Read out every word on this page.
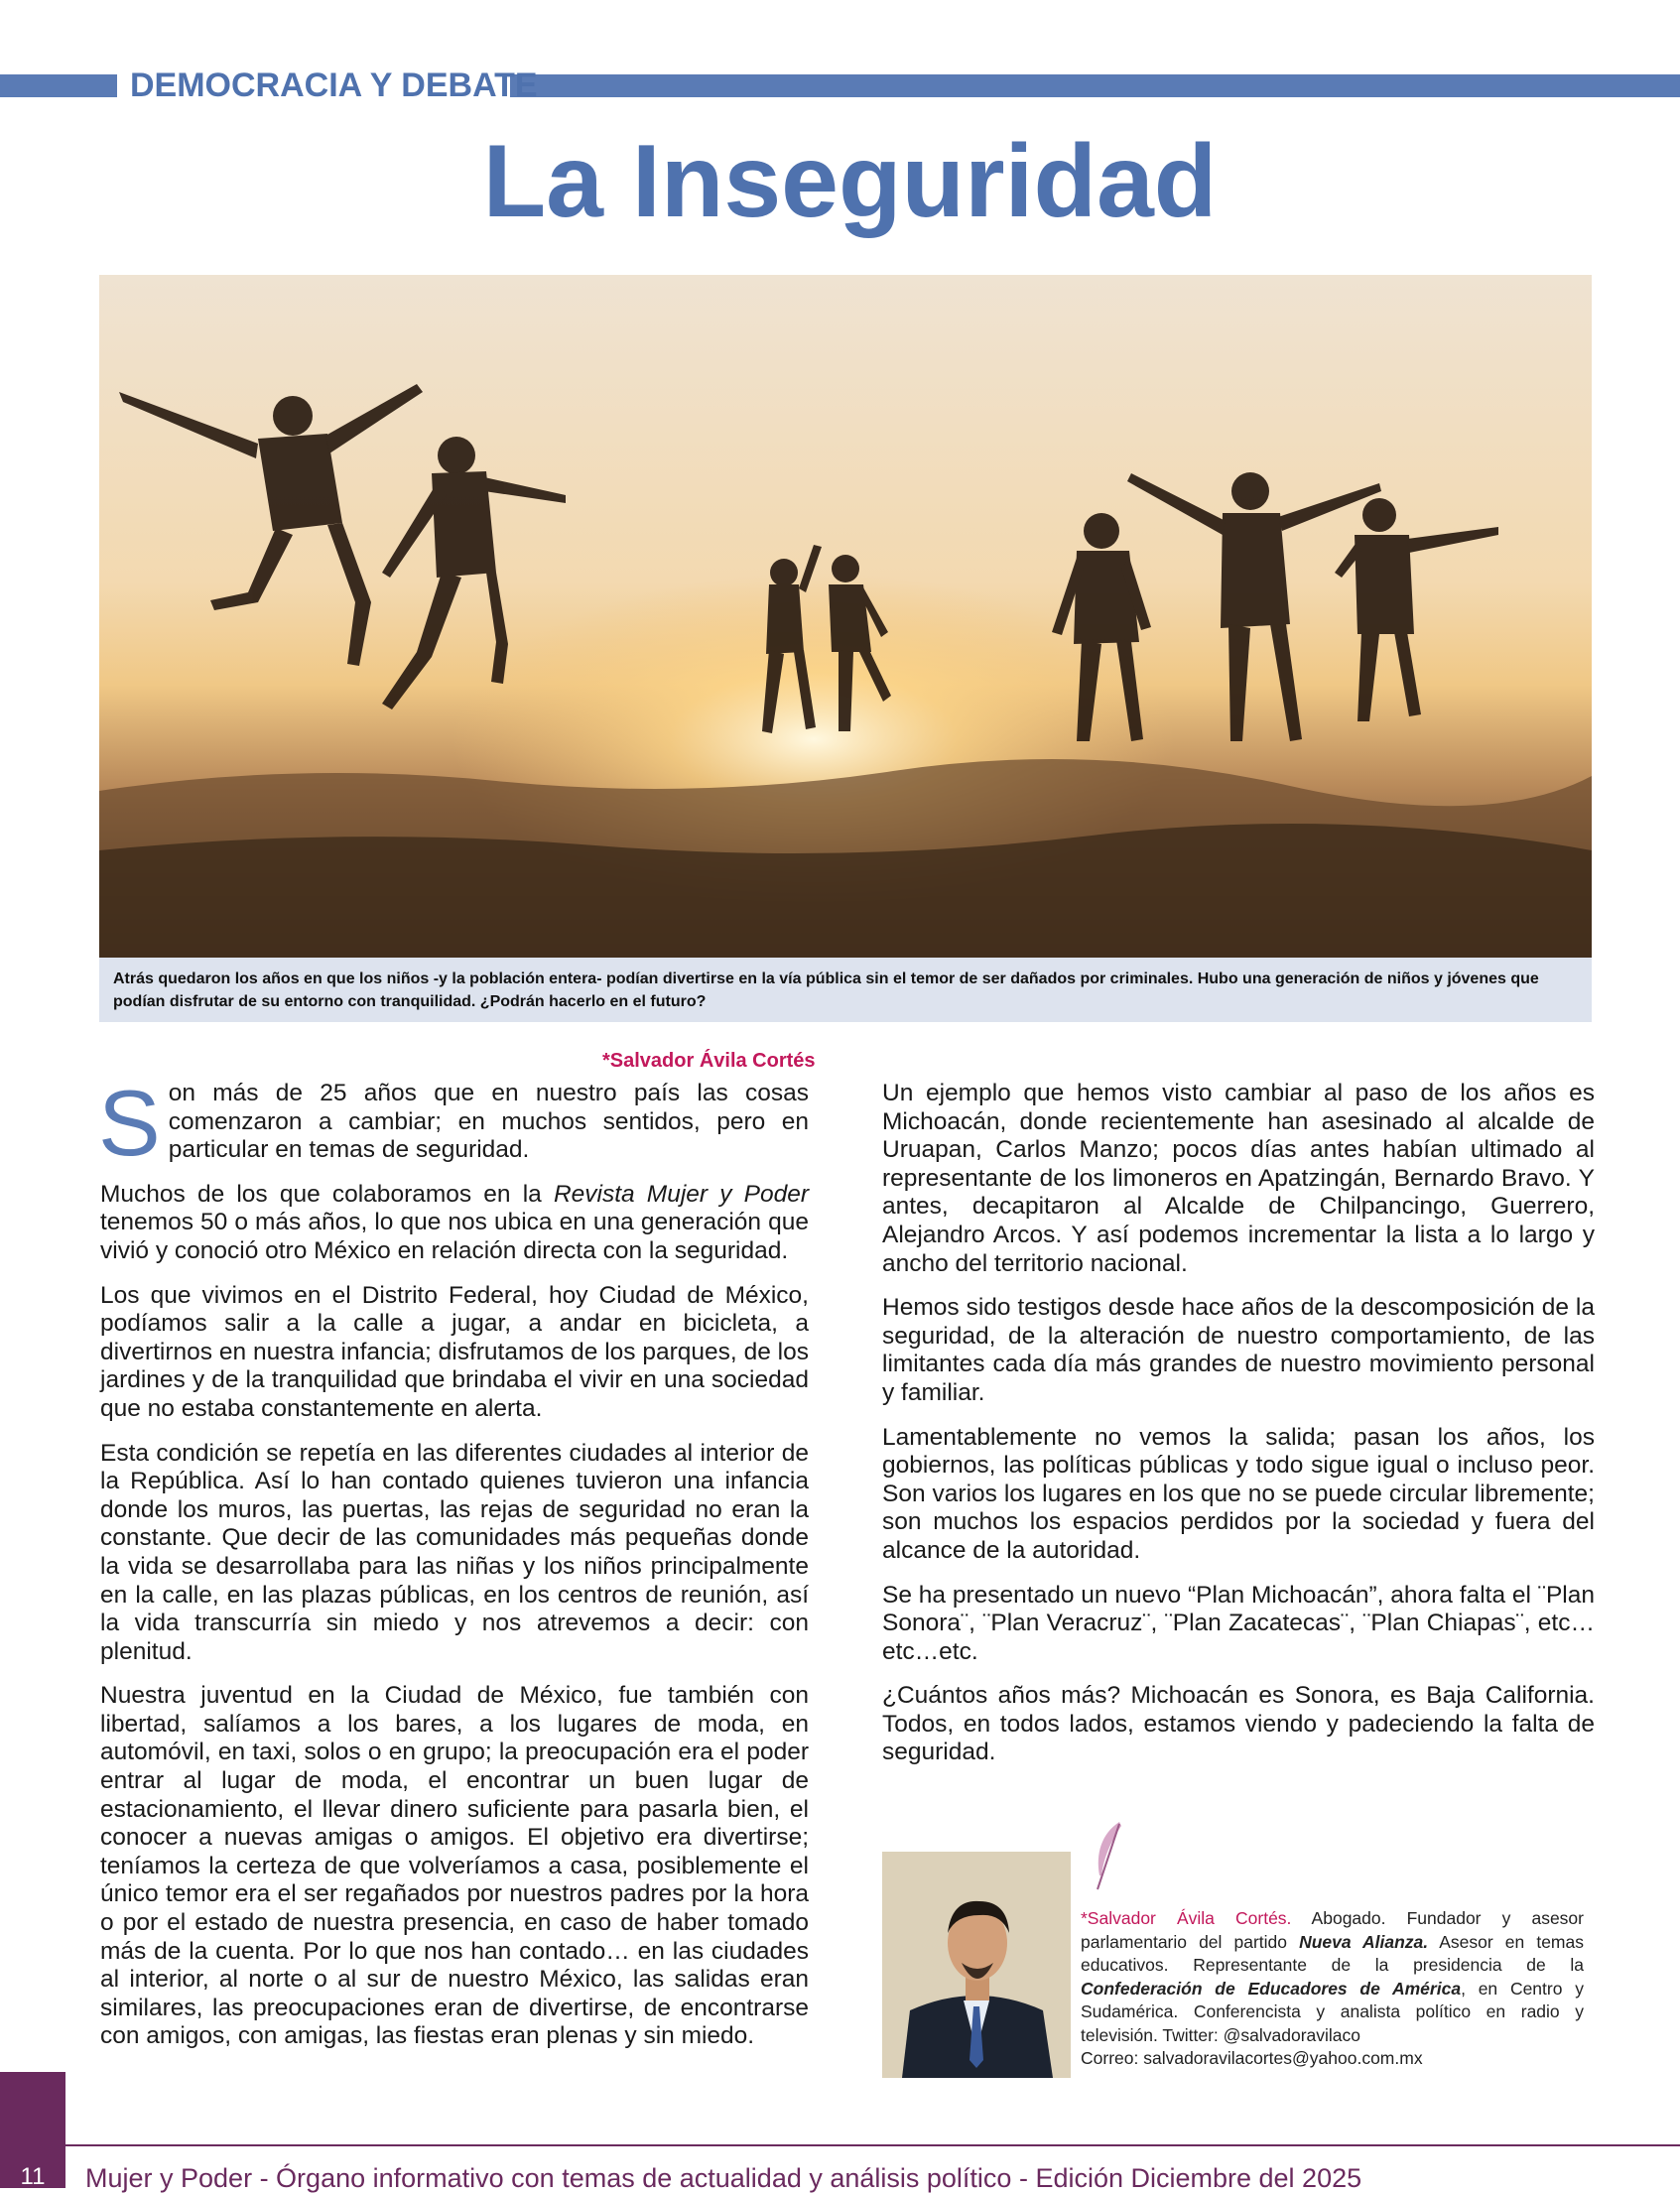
DEMOCRACIA Y DEBATE
La Inseguridad
Atrás quedaron los años en que los niños -y la población entera- podían divertirse en la vía pública sin el temor de ser dañados por criminales. Hubo una generación de niños y jóvenes que podían disfrutar de su entorno con tranquilidad. ¿Podrán hacerlo en el futuro?
*Salvador Ávila Cortés

Son más de 25 años que en nuestro país las cosas comenzaron a cambiar; en muchos sentidos, pero en particular en temas de seguridad.

Muchos de los que colaboramos en la Revista Mujer y Poder tenemos 50 o más años, lo que nos ubica en una generación que vivió y conoció otro México en relación directa con la seguridad.

Los que vivimos en el Distrito Federal, hoy Ciudad de México, podíamos salir a la calle a jugar, a andar en bicicleta, a divertirnos en nuestra infancia; disfrutamos de los parques, de los jardines y de la tranquilidad que brindaba el vivir en una sociedad que no estaba constantemente en alerta.

Esta condición se repetía en las diferentes ciudades al interior de la República. Así lo han contado quienes tuvieron una infancia donde los muros, las puertas, las rejas de seguridad no eran la constante. Que decir de las comunidades más pequeñas donde la vida se desarrollaba para las niñas y los niños principalmente en la calle, en las plazas públicas, en los centros de reunión, así la vida transcurría sin miedo y nos atrevemos a decir: con plenitud.

Nuestra juventud en la Ciudad de México, fue también con libertad, salíamos a los bares, a los lugares de moda, en automóvil, en taxi, solos o en grupo; la preocupación era el poder entrar al lugar de moda, el encontrar un buen lugar de estacionamiento, el llevar dinero suficiente para pasarla bien, el conocer a nuevas amigas o amigos. El objetivo era divertirse; teníamos la certeza de que volveríamos a casa, posiblemente el único temor era el ser regañados por nuestros padres por la hora o por el estado de nuestra presencia, en caso de haber tomado más de la cuenta. Por lo que nos han contado… en las ciudades al interior, al norte o al sur de nuestro México, las salidas eran similares, las preocupaciones eran de divertirse, de encontrarse con amigos, con amigas, las fiestas eran plenas y sin miedo.

Un ejemplo que hemos visto cambiar al paso de los años es Michoacán, donde recientemente han asesinado al alcalde de Uruapan, Carlos Manzo; pocos días antes habían ultimado al representante de los limoneros en Apatzingán, Bernardo Bravo. Y antes, decapitaron al Alcalde de Chilpancingo, Guerrero, Alejandro Arcos. Y así podemos incrementar la lista a lo largo y ancho del territorio nacional.

Hemos sido testigos desde hace años de la descomposición de la seguridad, de la alteración de nuestro comportamiento, de las limitantes cada día más grandes de nuestro movimiento personal y familiar.

Lamentablemente no vemos la salida; pasan los años, los gobiernos, las políticas públicas y todo sigue igual o incluso peor. Son varios los lugares en los que no se puede circular libremente; son muchos los espacios perdidos por la sociedad y fuera del alcance de la autoridad.

Se ha presentado un nuevo “Plan Michoacán”, ahora falta el ¨Plan Sonora¨, ¨Plan Veracruz¨, ¨Plan Zacatecas¨, ¨Plan Chiapas¨, etc…etc…etc.

¿Cuántos años más? Michoacán es Sonora, es Baja California. Todos, en todos lados, estamos viendo y padeciendo la falta de seguridad.

*Salvador Ávila Cortés. Abogado. Fundador y asesor parlamentario del partido Nueva Alianza. Asesor en temas educativos. Representante de la presidencia de la Confederación de Educadores de América, en Centro y Sudamérica. Conferencista y analista político en radio y televisión. Twitter: @salvadoravilaco
Correo: salvadoravilacortes@yahoo.com.mx
11	Mujer y Poder - Órgano informativo con temas de actualidad y análisis político - Edición Diciembre del 2025
